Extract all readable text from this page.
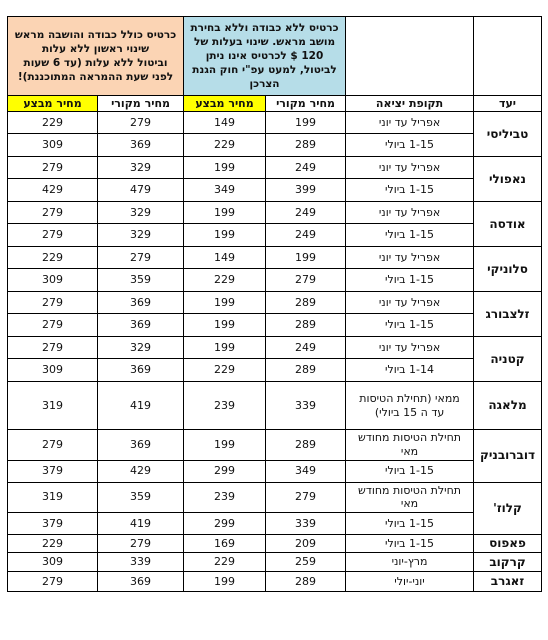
		כרטיס ללא כבודה וללא בחירת מושב מראש. שינוי בעלות של 120 $ לכרטיס אינו ניתן לביטול, למעט עפ"י חוק הגנת הצרכן		כרטיס כולל כבודה והושבה מראש
שינוי ראשון ללא עלות
וביטול ללא עלות (עד 6 שעות לפני שעת ההמראה המתוכננת)!	
יעד	תקופת יציאה	מחיר מקורי	מחיר מבצע	מחיר מקורי	מחיר מבצע
טביליסי	אפריל עד יוני	199	149	279	229
	1-15 ביולי	289	229	369	309
נאפולי	אפריל עד יוני	249	199	329	279
	1-15 ביולי	399	349	479	429
אודסה	אפריל עד יוני	249	199	329	279
	1-15 ביולי	249	199	329	279
סלוניקי	אפריל עד יוני	199	149	279	229
	1-15 ביולי	279	229	359	309
זלצבורג	אפריל עד יוני	289	199	369	279
	1-15 ביולי	289	199	369	279
קטניה	אפריל עד יוני	249	199	329	279
	1-14 ביולי	289	229	369	309
מלאגה	ממאי (תחילת הטיסות עד ה 15 ביולי)	339	239	419	319
דוברובניק	תחילת הטיסות מחודש מאי	289	199	369	279
	1-15 ביולי	349	299	429	379
קלוז'	תחילת הטיסות מחודש מאי	279	239	359	319
	1-15 ביולי	339	299	419	379
פאפוס	1-15 ביולי	209	169	279	229
קרקוב	מרץ-יוני	259	229	339	309
זאגרב	יוני-יולי	289	199	369	279
